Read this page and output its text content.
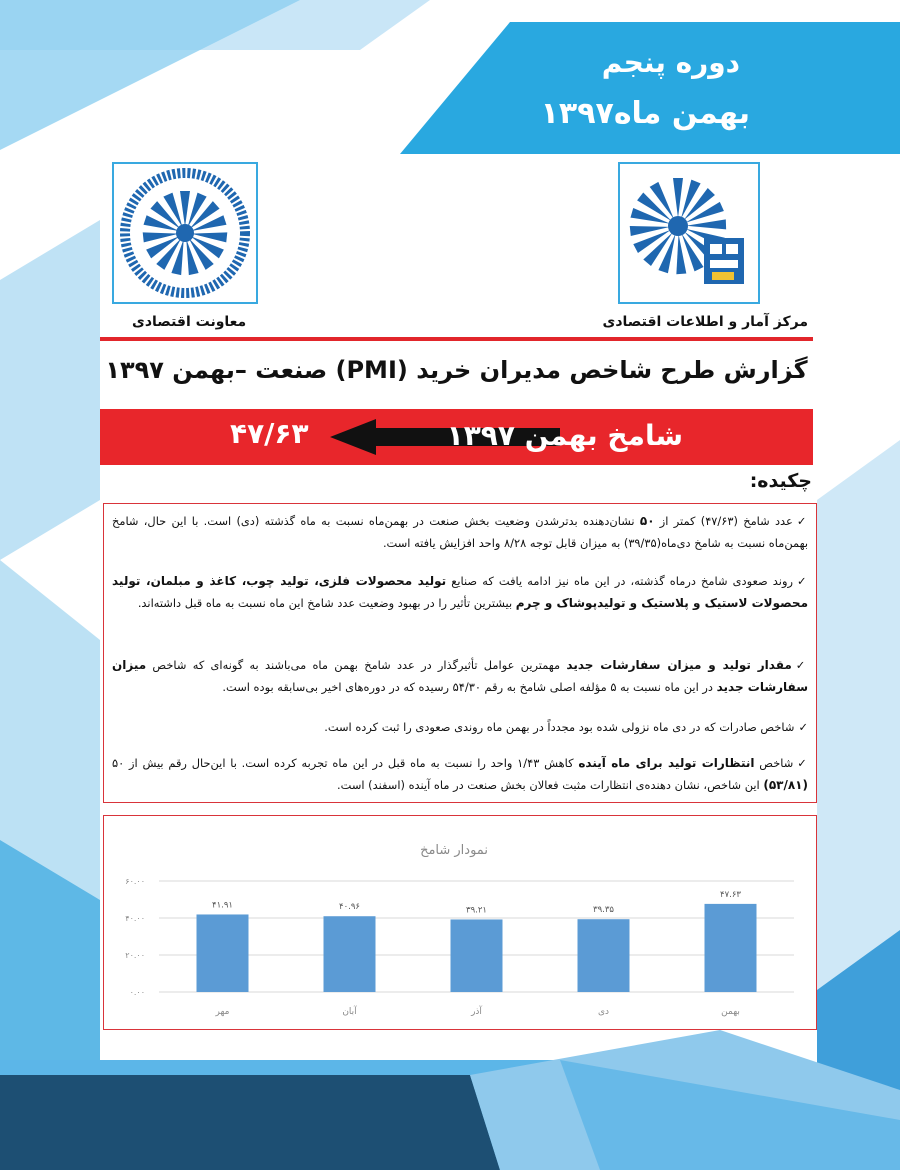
دوره پنجم
بهمن ماه۱۳۹۷
مرکز آمار و اطلاعات اقتصادی
معاونت اقتصادی
گزارش طرح شاخص مدیران خرید (PMI) صنعت –بهمن ۱۳۹۷
۴۷/۶۳	شامخ بهمن ۱۳۹۷
چکیده:
✓عدد شامخ (۴۷/۶۳) کمتر از ۵۰ نشان‌دهنده بدترشدن وضعیت بخش صنعت در بهمن‌ماه نسبت به ماه گذشته (دی) است. با این حال، شامخ بهمن‌ماه نسبت به شامخ دی‌ماه(۳۹/۳۵) به میزان قابل توجه ۸/۲۸ واحد افزایش یافته است.
✓روند صعودی شامخ درماه گذشته، در این ماه نیز ادامه یافت که صنایع تولید محصولات فلزی، تولید چوب، کاغذ و مبلمان، تولید محصولات لاستیک و پلاستیک و تولیدپوشاک و چرم بیشترین تأثیر را در بهبود وضعیت عدد شامخ این ماه نسبت به ماه قبل داشته‌اند.
✓مقدار تولید و میزان سفارشات جدید مهمترین عوامل تأثیرگذار در عدد شامخ بهمن ماه می‌باشند به گونه‌ای که شاخص میزان سفارشات جدید در این ماه نسبت به ۵ مؤلفه اصلی شامخ به رقم ۵۴/۳۰ رسیده که در دوره‌های اخیر بی‌سابقه بوده است.
✓شاخص صادرات که در دی ماه نزولی شده بود مجدداً در بهمن ماه روندی صعودی را ثبت کرده است.
✓شاخص انتظارات تولید برای ماه آینده کاهش ۱/۴۳ واحد را نسبت به ماه قبل در این ماه تجربه کرده است. با این‌حال رقم بیش از ۵۰ (۵۳/۸۱) این شاخص، نشان دهنده‌ی انتظارات مثبت فعالان بخش صنعت در ماه آینده (اسفند) است.
نمودار شامخ
۰.۰۰
۲۰.۰۰
۴۰.۰۰
۶۰.۰۰
۴۱.۹۱
مهر
۴۰.۹۶
آبان
۳۹.۲۱
آذر
۳۹.۳۵
دی
۴۷.۶۳
بهمن
